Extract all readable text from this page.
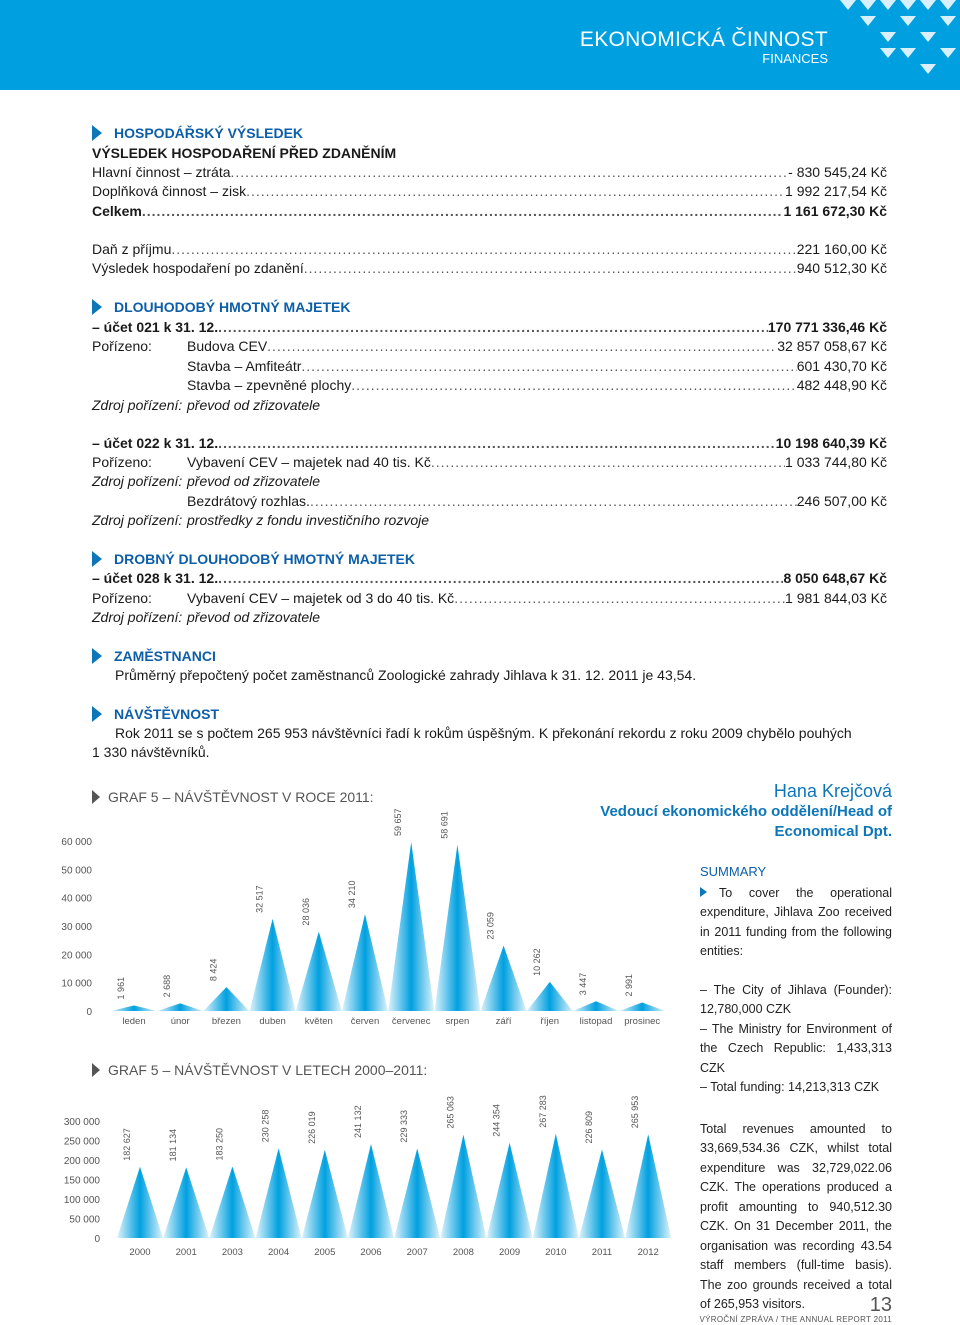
EKONOMICKÁ ČINNOST
FINANCES
HOSPODÁŘSKÝ VÝSLEDEK
VÝSLEDEK HOSPODAŘENÍ PŘED ZDANĚNÍM
Hlavní činnost – ztráta .....	- 830 545,24 Kč
Doplňková činnost – zisk .....	1 992 217,54 Kč
Celkem .....	1 161 672,30 Kč
Daň z příjmu .....	221 160,00 Kč
Výsledek hospodaření po zdanění .....	940 512,30 Kč
DLOUHODOBÝ HMOTNÝ MAJETEK
– účet 021 k 31. 12. .....	170 771 336,46 Kč
Pořízeno:	Budova CEV .....	32 857 058,67 Kč
Stavba – Amfiteátr .....	601 430,70 Kč
Stavba – zpevněné plochy .....	482 448,90 Kč
Zdroj pořízení: převod od zřizovatele
– účet 022 k 31. 12. .....	10 198 640,39 Kč
Pořízeno:	Vybavení CEV – majetek nad 40 tis. Kč .....	1 033 744,80 Kč
Zdroj pořízení: převod od zřizovatele
Bezdrátový rozhlas. .....	246 507,00 Kč
Zdroj pořízení: prostředky z fondu investičního rozvoje
DROBNÝ DLOUHODOBÝ HMOTNÝ MAJETEK
– účet 028 k 31. 12. .....	8 050 648,67 Kč
Pořízeno:	Vybavení CEV – majetek od 3 do 40 tis. Kč .....	1 981 844,03 Kč
Zdroj pořízení: převod od zřizovatele
ZAMĚSTNANCI
Průměrný přepočtený počet zaměstnanců Zoologické zahrady Jihlava k 31. 12. 2011 je 43,54.
NÁVŠTĚVNOST
Rok 2011 se s počtem 265 953 návštěvníci řadí k rokům úspěšným. K překonání rekordu z roku 2009 chybělo pouhých
1 330 návštěvníků.
GRAF 5 – NÁVŠTĚVNOST V ROCE 2011:
GRAF 5 – NÁVŠTĚVNOST V LETECH 2000–2011:
0
10 000
20 000
30 000
40 000
50 000
60 000
1 961
leden
2 688
únor
8 424
březen
32 517
duben
28 036
květen
34 210
červen
59 657
červenec
58 691
srpen
23 059
září
10 262
říjen
3 447
listopad
2 991
prosinec
0
50 000
100 000
150 000
200 000
250 000
300 000
182 627
2000
181 134
2001
183 250
2003
230 258
2004
226 019
2005
241 132
2006
229 333
2007
265 063
2008
244 354
2009
267 283
2010
226 809
2011
265 953
2012
Hana Krejčová
Vedoucí ekonomického oddělení/Head of
Economical Dpt.
SUMMARY

To cover the operational expenditure, Jihlava Zoo received in 2011 funding from the following entities:

– The City of Jihlava (Founder): 12,780,000 CZK

– The Ministry for Environment of the Czech Republic: 1,433,313 CZK

– Total funding: 14,213,313 CZK

Total revenues amounted to 33,669,534.36 CZK, whilst total expenditure was 32,729,022.06 CZK. The operations produced a profit amounting to 940,512.30 CZK. On 31 December 2011, the organisation was recording 43.54 staff members (full-time basis). The zoo grounds received a total of 265,953 visitors.	13
VÝROČNÍ ZPRÁVA / THE ANNUAL REPORT 2011
